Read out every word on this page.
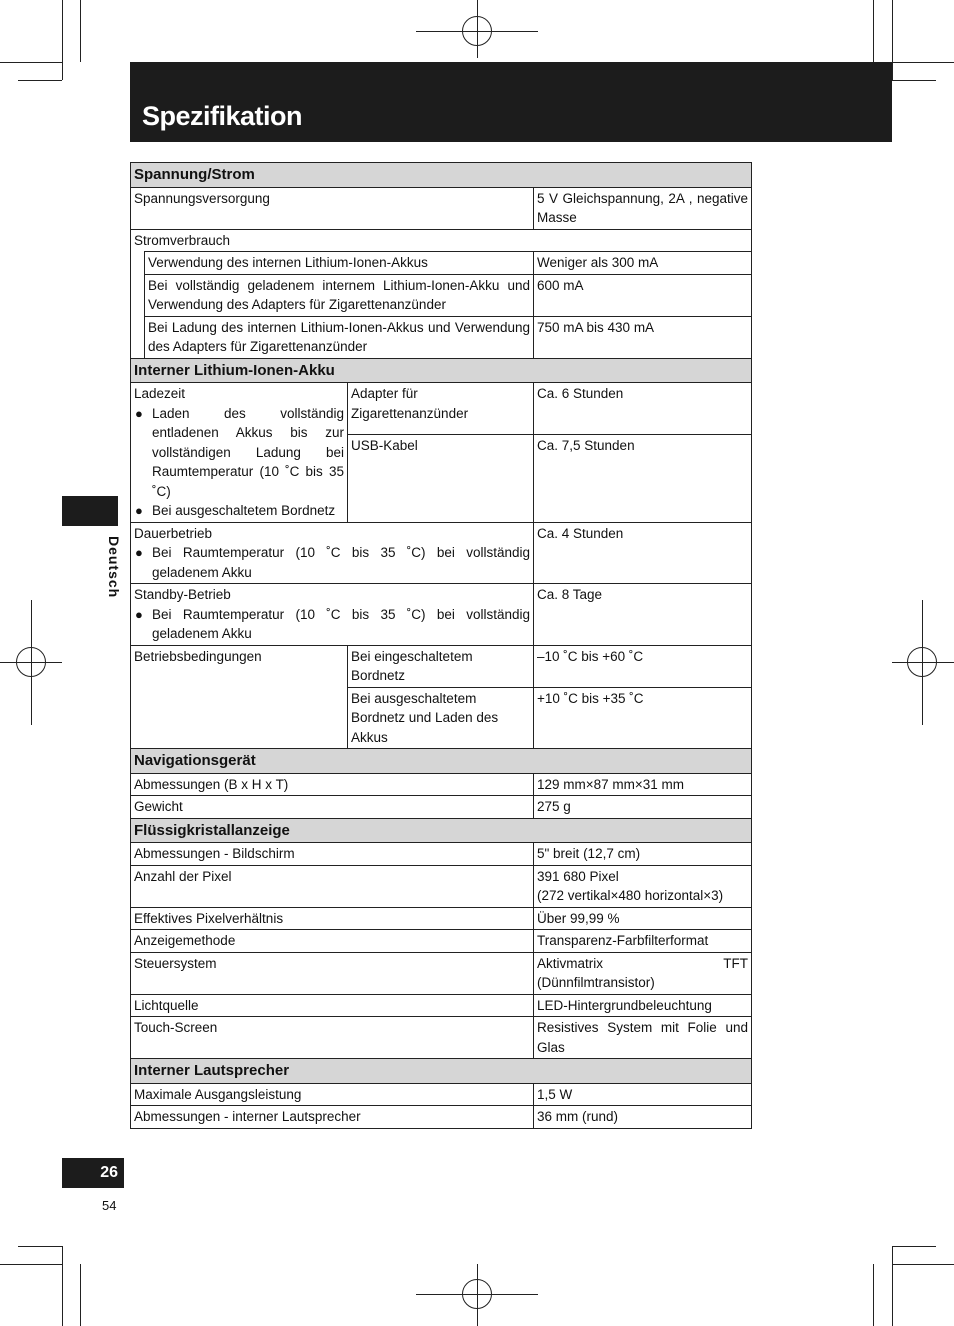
Spezifikation
Deutsch
26
54
Spannung/Strom			
Spannungsversorgung			5 V Gleichspannung, 2A , negative Masse
Stromverbrauch			
	Verwendung des internen Lithium-Ionen-Akkus		Weniger als 300 mA
	Bei vollständig geladenem internem Lithium-Ionen-Akku und Verwendung des Adapters für Zigarettenanzünder		600 mA
	Bei Ladung des internen Lithium-Ionen-Akkus und Verwendung des Adapters für Zigarettenanzünder		750 mA bis 430 mA
Interner Lithium-Ionen-Akku			

Ladezeit
● Laden des vollständig entladenen Akkus bis zur vollständigen Ladung bei Raumtemperatur (10 ˚C bis 35 ˚C)
● Bei ausgeschaltetem Bordnetz		Adapter für Zigarettenanzünder	Ca. 6 Stunden
		USB-Kabel	Ca. 7,5 Stunden

Dauerbetrieb
● Bei Raumtemperatur (10 ˚C bis 35 ˚C) bei vollständig geladenem Akku			Ca. 4 Stunden

Standby-Betrieb
● Bei Raumtemperatur (10 ˚C bis 35 ˚C) bei vollständig geladenem Akku			Ca. 8 Tage
Betriebsbedingungen		Bei eingeschaltetem Bordnetz	–10 ˚C bis +60 ˚C
		Bei ausgeschaltetem Bordnetz und Laden des Akkus	+10 ˚C bis +35 ˚C
Navigationsgerät			
Abmessungen (B x H x T)			129 mm×87 mm×31 mm
Gewicht			275 g
Flüssigkristallanzeige			
Abmessungen - Bildschirm			5" breit (12,7 cm)
Anzahl der Pixel			391 680 Pixel
(272 vertikal×480 horizontal×3)

Effektives Pixelverhältnis			Über 99,99 %
Anzeigemethode			Transparenz-Farbfilterformat
Steuersystem			Aktivmatrix TFT (Dünnfilmtransistor)
Lichtquelle			LED-Hintergrundbeleuchtung
Touch-Screen			Resistives System mit Folie und Glas
Interner Lautsprecher			
Maximale Ausgangsleistung			1,5 W
Abmessungen - interner Lautsprecher			36 mm (rund)
